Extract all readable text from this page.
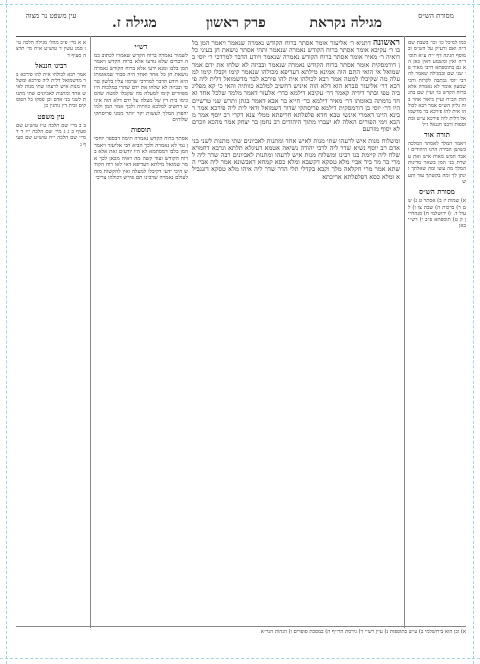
מסורת הש״ס
מגילה נקראת
פרק ראשון
מגילה ז.
עין משפט נר מצוה
כמו למיכל כו׳ וכו׳ בשבת שם ד״ה ואם ורע״ק על הש״ס ובמוסף חגיגה דף י״ח ע״א תוס׳ ד״ה ואין ומשמע דאין כאן הא גם בתוספתא דרבי מאיר פ׳ שני שם ובמגילה שאמר לה רבי יוסי נכתבה לקרות ורבי שמעון אומר לא נאמרה אלא ברוח הקדש כו׳ ועיין שם בהגהות הב״ח ועיין ביאור אחר בזה גליון הש״ס אמר רבא לכולהו אית להו פירכא בר מדשמואל דלית ליה פירכא ע״ש ובתוספות ורבנו חננאל ז״ל
תורה אור
ויאמר המלך לאסתר המלכה בשושן הבירה הרגו היהודים ואבד חמש מאות איש ואת עשרת בני המן בשאר מדינות המלך מה עשו ומה שאלתך וינתן לך ומה בקשתך עוד ותעש
מסורת הש״ס
א) שמות יז ב) אסתר ט ג) שם ד) ברכות ה) שבת צו ו) לעיל ד. ז) ירושלמי ח) סנהדרין ק ט) תוספתא פ״ב י) רש״י כאן
ראשונה דתניא ר׳ אליעזר אומר אסתר ברוח הקודש נאמרה שנאמר ויאמר המן בלבו ר׳ עקיבא אומר אסתר ברוח הקודש נאמרה שנאמר ותהי אסתר נושאת חן בעיני כל רואיה ר׳ מאיר אומר אסתר ברוח הקודש נאמרה שנאמר ויודע הדבר למרדכי ר׳ יוסי בן דורמסקית אומר אסתר ברוח הקודש נאמרה שנאמר ובביזה לא שלחו את ידם אמר שמואל אי הואי התם הוה אמינא מילתא דעדיפא מכולהו שנאמר קימו וקבלו קימו למעלה מה שקיבלו למטה אמר רבא לכולהו אית להו פירכא לבר מדשמואל דלית ליה פירכא דר׳ אליעזר סברא הוא דלא הוה איניש דחשיב למלכא כוותיה והאי כי קא מפליג ביה טפי ובתר דידיה קאמר דר׳ עקיבא דילמא כדר׳ אלעזר דאמר מלמד שלכל אחד ואחד נדמתה כאומתו דר׳ מאיר דילמא כר׳ חייא בר אבא דאמר בגתן ותרש שני טרשיים היו דר׳ יוסי בן דורמסקית דילמא פריסתקי שדור דשמואל ודאי לית ליה פירכא אמר רבינא היינו דאמרי אינשי טבא חדא פלפלתא חריפתא ממלי צנא דקרי רב יוסף אמר מהכא וימי הפורים האלה לא יעברו מתוך היהודים רב נחמן בר יצחק אמר מהכא וזכרם לא יסוף מזרעם
ומשלוח מנות איש לרעהו שתי מנות לאיש אחד ומתנות לאביונים שתי מתנות לשני בני אדם רב יוסף נשיא שדר ליה לרבי יהודה נשיאה אטמא דעיגלא תלתא וגרבא דחמרא שלח ליה קיימת בנו רבינו ומשלוח מנות איש לרעהו ומתנות לאביונים רבה שדר ליה למרי בר מר ביד אביי מלא טסקא דקשבא ומלא כסא קמחא דאבשונא אמר ליה אביי השתא אמר מרי חקלאה מלך וקבא בקדלי תלי הדר שדר ליה איהו מלא טסקא דזנגבילא ומלא כסא דפלפלתא אריכתא
רש״י
לשמור נאמרה ברוח הקדש שאמרו לכתוב כמה דברים שלא נודעו אלא ברוח הקדש ויאמר המן בלבו ומנא ידעי אלא ברוח הקודש נאמרה נושאת חן כל אחד ואחד היה סבור שמאומתו היא ויודע הדבר למרדכי שרמזו עליו בלשון טרסי ובביזה לא שלחו את ידם שהרי במלכות היו מפוזרים קימו למעלה מה שקבלו למטה שהסכימו בית דין של מעלה על ידם דלא הוה איניש דחשיב למלכא כוותיה ולכך אמר המן ולמי יחפוץ המלך לעשות יקר יותר ממני פריסתקי שלוחים
תוספות
אסתר ברוח הקדש נאמרה תימה דבספר יוחסין נמי לא נאמרה ולכך הביא רבי אליעזר ויאמר המן בלבו דמסתמא לא היו יודעים זאת אלא ברוח הקודש ועוד קשה מה ראיה מכאן לכך אמר שמואל מילתא דעדיפא דאי לאו רוח הקודש היכי ידעי דקיבלו למעלה ואין להקשות מזה לעולם נאמרה שרבינו תם פירש דכולהו צריכי
א א מיי׳ פ״ב מהל׳ מגילה הלכה ט״ו סמג עשין ד טוש״ע א״ח סי׳ תרצה סעיף ד
רבינו חננאל
אמר רבא לכולהו אית להו פירכא בר מדשמואל דלית ליה פירכא ומשלוח מנות איש לרעהו שתי מנות לאיש אחד ומתנות לאביונים שתי מתנות לשני בני אדם וכן פסקו כל הפוסקים ובית דין נוהגין כן
עין משפט
ב ב מיי׳ שם הלכה ט״ז טוש״ע שם סעיף ב ג ג מיי׳ שם הלכה י״ז ד ד מיי׳ שם הלכה י״ח טוש״ע שם סעיף ג
א) וכן הוא בירושלמי ב) ע״ש בתוספות ג) עיין רש״י ד) גירסת הרי״ף ה) במסכת סופרים ו) הגהות הגר״א
